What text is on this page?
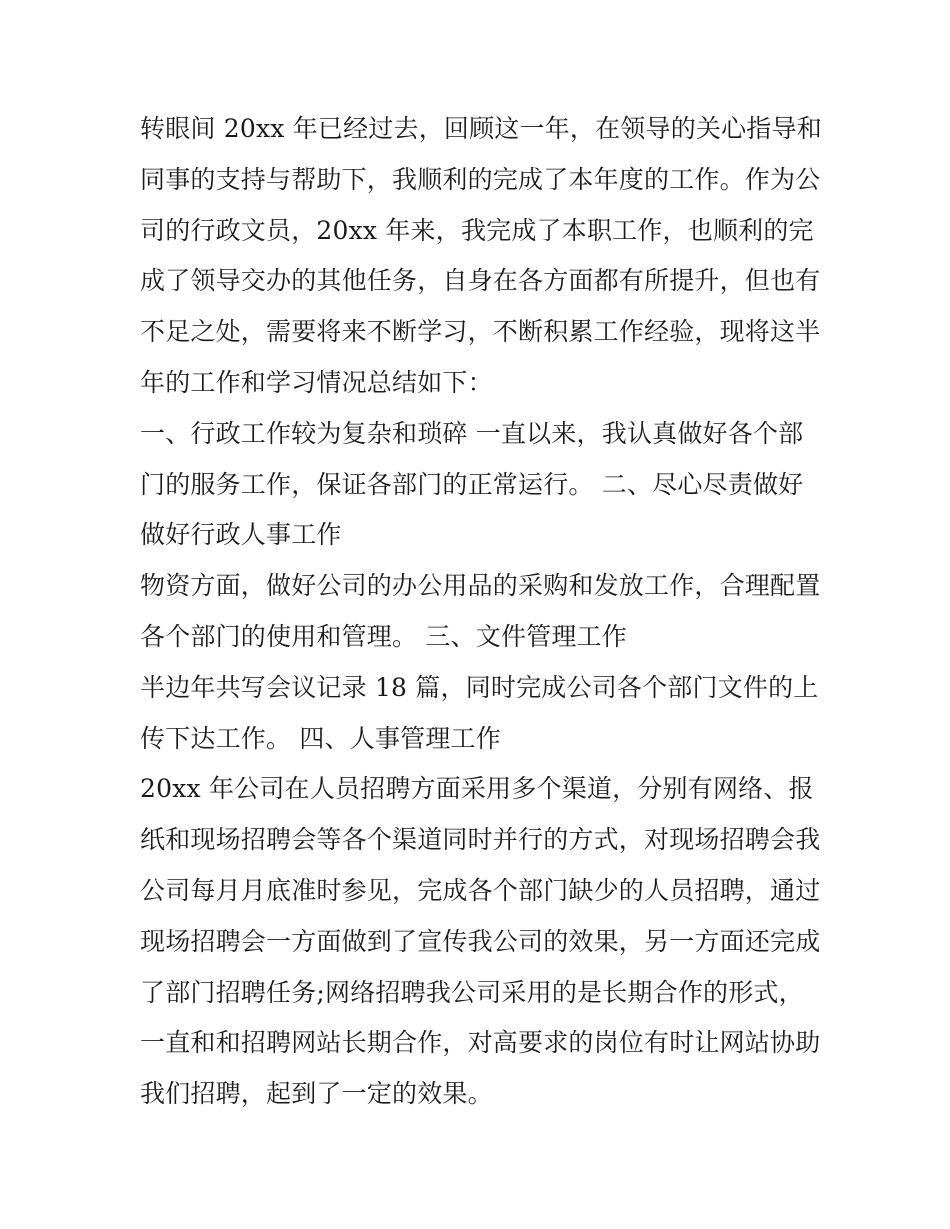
转眼间 20xx 年已经过去，回顾这一年，在领导的关心指导和
同事的支持与帮助下，我顺利的完成了本年度的工作。作为公
司的行政文员，20xx 年来，我完成了本职工作，也顺利的完
成了领导交办的其他任务，自身在各方面都有所提升，但也有
不足之处，需要将来不断学习，不断积累工作经验，现将这半
年的工作和学习情况总结如下：
一、行政工作较为复杂和琐碎 一直以来，我认真做好各个部
门的服务工作，保证各部门的正常运行。 二、尽心尽责做好
做好行政人事工作
物资方面，做好公司的办公用品的采购和发放工作，合理配置
各个部门的使用和管理。 三、文件管理工作
半边年共写会议记录 18 篇，同时完成公司各个部门文件的上
传下达工作。 四、人事管理工作
20xx 年公司在人员招聘方面采用多个渠道，分别有网络、报
纸和现场招聘会等各个渠道同时并行的方式，对现场招聘会我
公司每月月底准时参见，完成各个部门缺少的人员招聘，通过
现场招聘会一方面做到了宣传我公司的效果，另一方面还完成
了部门招聘任务;网络招聘我公司采用的是长期合作的形式，
一直和和招聘网站长期合作，对高要求的岗位有时让网站协助
我们招聘，起到了一定的效果。
